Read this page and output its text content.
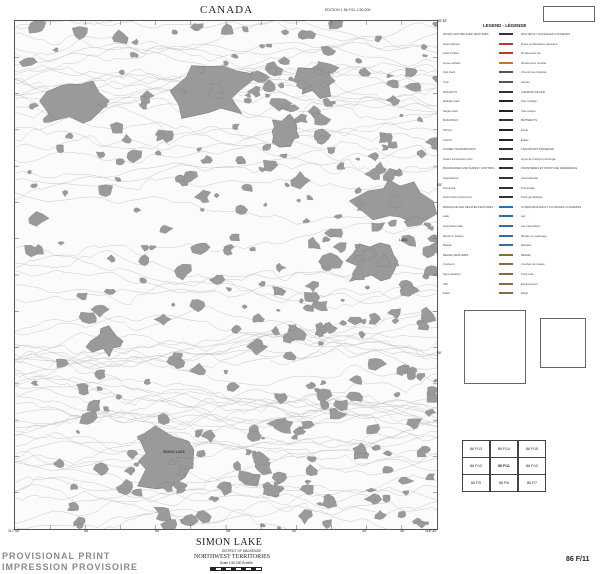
CANADA	EDITION 1 86 F/11 1:50 000
SIMON LAKE
LAKE
65°45'
65°
30'
117°00'	116°30'
55'	50'	45'	40'	35'	30'
LEGEND - LÉGENDE
ROADS AND RELATED FEATURES	ROUTES ET OUVRAGES CONNEXES
Dual highway	Route à chaussées séparées
Hard surface	Revêtement dur
Loose surface	Revêtement meuble
Cart track	Chemin de charrette
Trail	Sentier
RAILWAYS	CHEMINS DE FER
Multiple track	Voie multiple
Single track	Voie unique
BUILDINGS	BÂTIMENTS
School	École
Church	Église
POWER TRANSMISSION	TRANSPORT D'ÉNERGIE
Power transmission line	Ligne de transport d'énergie
BOUNDARIES AND SURVEY CONTROL	FRONTIÈRES ET POINTS DE RÉFÉRENCE
International	Internationale
Provincial	Provinciale
Horizontal control point	Point géodésique
DRAINAGE AND RELATED FEATURES	HYDROGRAPHIE ET OUVRAGES CONNEXES
Lake	Lac
Intermittent lake	Lac intermittent
Marsh or swamp	Marais ou marécage
Rapids	Rapides
RELIEF FEATURES	RELIEF
Contours	Courbes de niveau
Spot elevation	Point coté
Cliff	Escarpement
Esker	Esker
86 F/13	86 F/14	86 F/15
86 F/12	86 F/11	86 F/10
86 F/5	86 F/6	86 F/7
SIMON LAKE
DISTRICT OF MACKENZIE
NORTHWEST TERRITORIES
Scale 1:50 000 Échelle
PROVISIONAL PRINT
IMPRESSION PROVISOIRE
86 F/11
